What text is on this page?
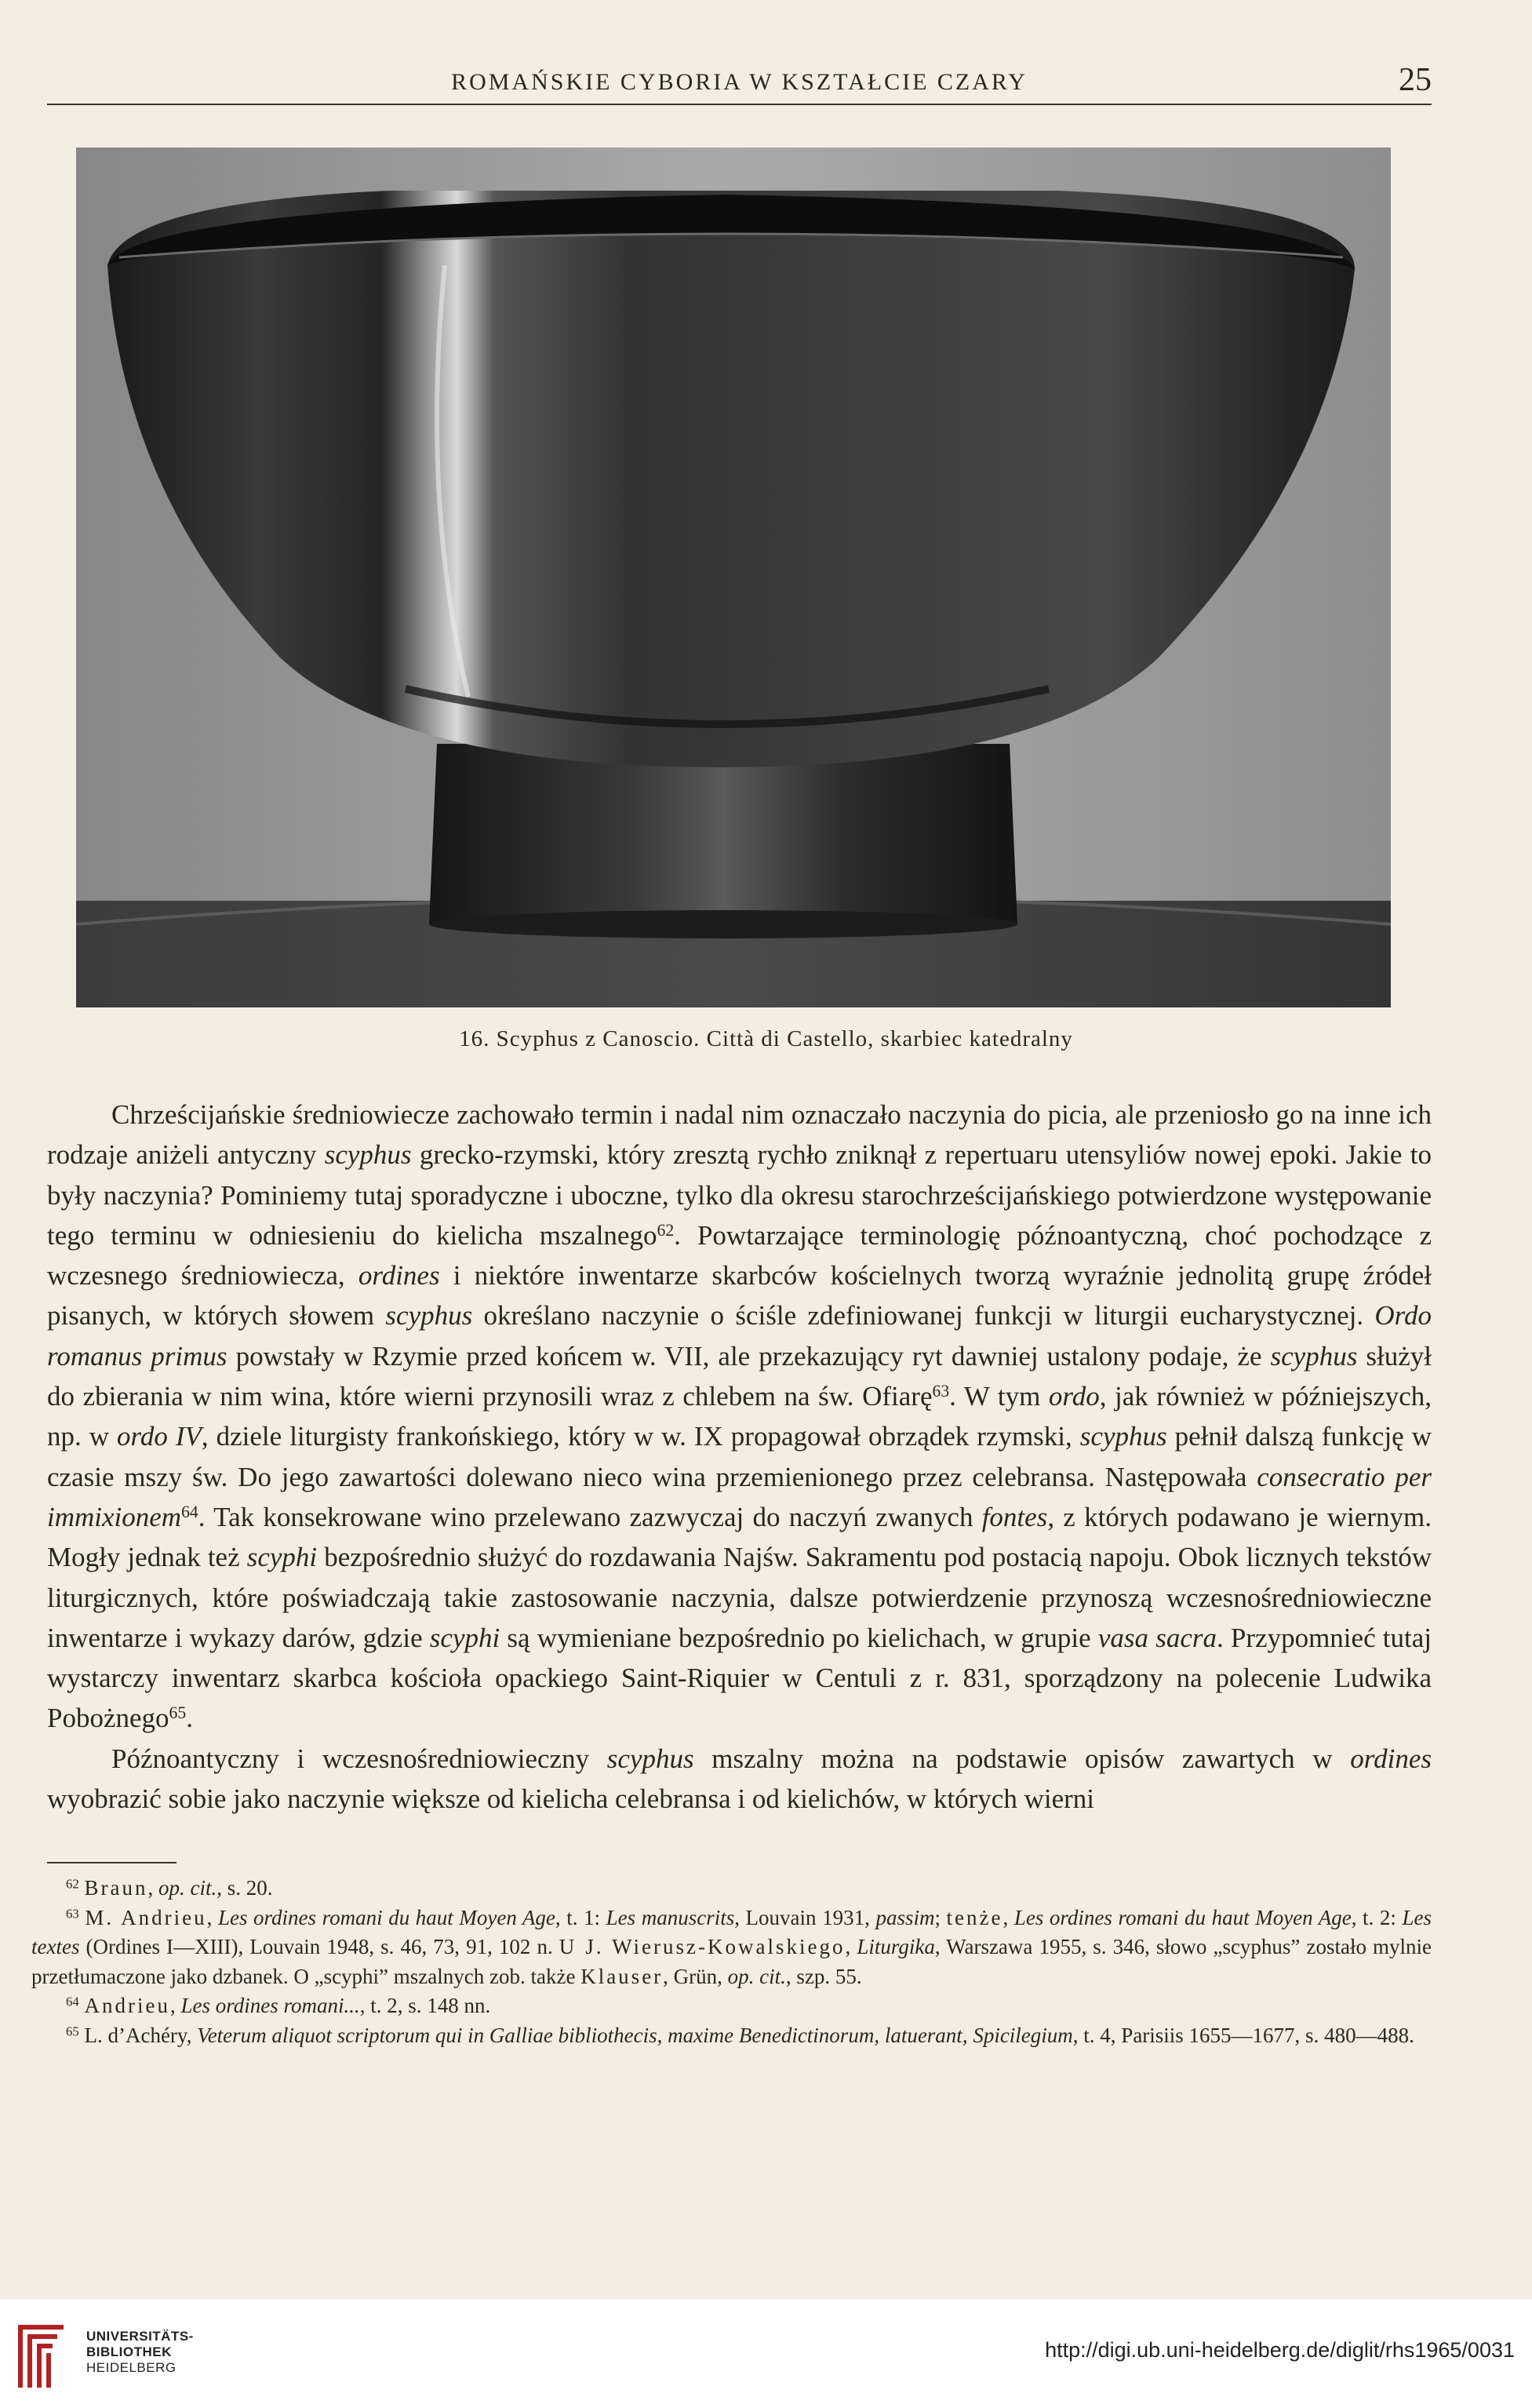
ROMAŃSKIE CYBORIA W KSZTAŁCIE CZARY	25
16. Scyphus z Canoscio. Città di Castello, skarbiec katedralny

Chrześcijańskie średniowiecze zachowało termin i nadal nim oznaczało naczynia do picia, ale przeniosło go na inne ich rodzaje aniżeli antyczny scyphus grecko-rzymski, który zresztą rychło zniknął z repertuaru utensyliów nowej epoki. Jakie to były naczynia? Pominiemy tutaj sporadyczne i uboczne, tylko dla okresu starochrześcijańskiego potwierdzone występowanie tego terminu w odniesieniu do kielicha mszalnego$^{62}$. Powtarzające terminologię późnoantyczną, choć pochodzące z wczesnego średniowiecza, ordines i niektóre inwentarze skarbców kościelnych tworzą wyraźnie jednolitą grupę źródeł pisanych, w których słowem scyphus określano naczynie o ściśle zdefiniowanej funkcji w liturgii eucharystycznej. Ordo romanus primus powstały w Rzymie przed końcem w. VII, ale przekazujący ryt dawniej ustalony podaje, że scyphus służył do zbierania w nim wina, które wierni przynosili wraz z chlebem na św. Ofiarę$^{63}$. W tym ordo, jak również w późniejszych, np. w ordo IV, dziele liturgisty frankońskiego, który w w. IX propagował obrządek rzymski, scyphus pełnił dalszą funkcję w czasie mszy św. Do jego zawartości dolewano nieco wina przemienionego przez celebransa. Następowała consecratio per immixionem$^{64}$. Tak konsekrowane wino przelewano zazwyczaj do naczyń zwanych fontes, z których podawano je wiernym. Mogły jednak też scyphi bezpośrednio służyć do rozdawania Najśw. Sakramentu pod postacią napoju. Obok licznych tekstów liturgicznych, które poświadczają takie zastosowanie naczynia, dalsze potwierdzenie przynoszą wczesnośredniowieczne inwentarze i wykazy darów, gdzie scyphi są wymieniane bezpośrednio po kielichach, w grupie vasa sacra. Przypomnieć tutaj wystarczy inwentarz skarbca kościoła opackiego Saint-Riquier w Centuli z r. 831, sporządzony na polecenie Ludwika Pobożnego$^{65}$.

Późnoantyczny i wczesnośredniowieczny scyphus mszalny można na podstawie opisów zawartych w ordines wyobrazić sobie jako naczynie większe od kielicha celebransa i od kielichów, w których wierni

$^{62}$ Braun, op. cit., s. 20.

$^{63}$ M. Andrieu, Les ordines romani du haut Moyen Age, t. 1: Les manuscrits, Louvain 1931, passim; tenże, Les ordines romani du haut Moyen Age, t. 2: Les textes (Ordines I—XIII), Louvain 1948, s. 46, 73, 91, 102 n. U J. Wierusz-Kowalskiego, Liturgika, Warszawa 1955, s. 346, słowo „scyphus” zostało mylnie przetłumaczone jako dzbanek. O „scyphi” mszalnych zob. także Klauser, Grün, op. cit., szp. 55.

$^{64}$ Andrieu, Les ordines romani..., t. 2, s. 148 nn.

$^{65}$ L. d’Achéry, Veterum aliquot scriptorum qui in Galliae bibliothecis, maxime Benedictinorum, latuerant, Spicilegium, t. 4, Parisiis 1655—1677, s. 480—488.

UNIVERSITÄTS-
BIBLIOTHEK
HEIDELBERG
http://digi.ub.uni-heidelberg.de/diglit/rhs1965/0031
